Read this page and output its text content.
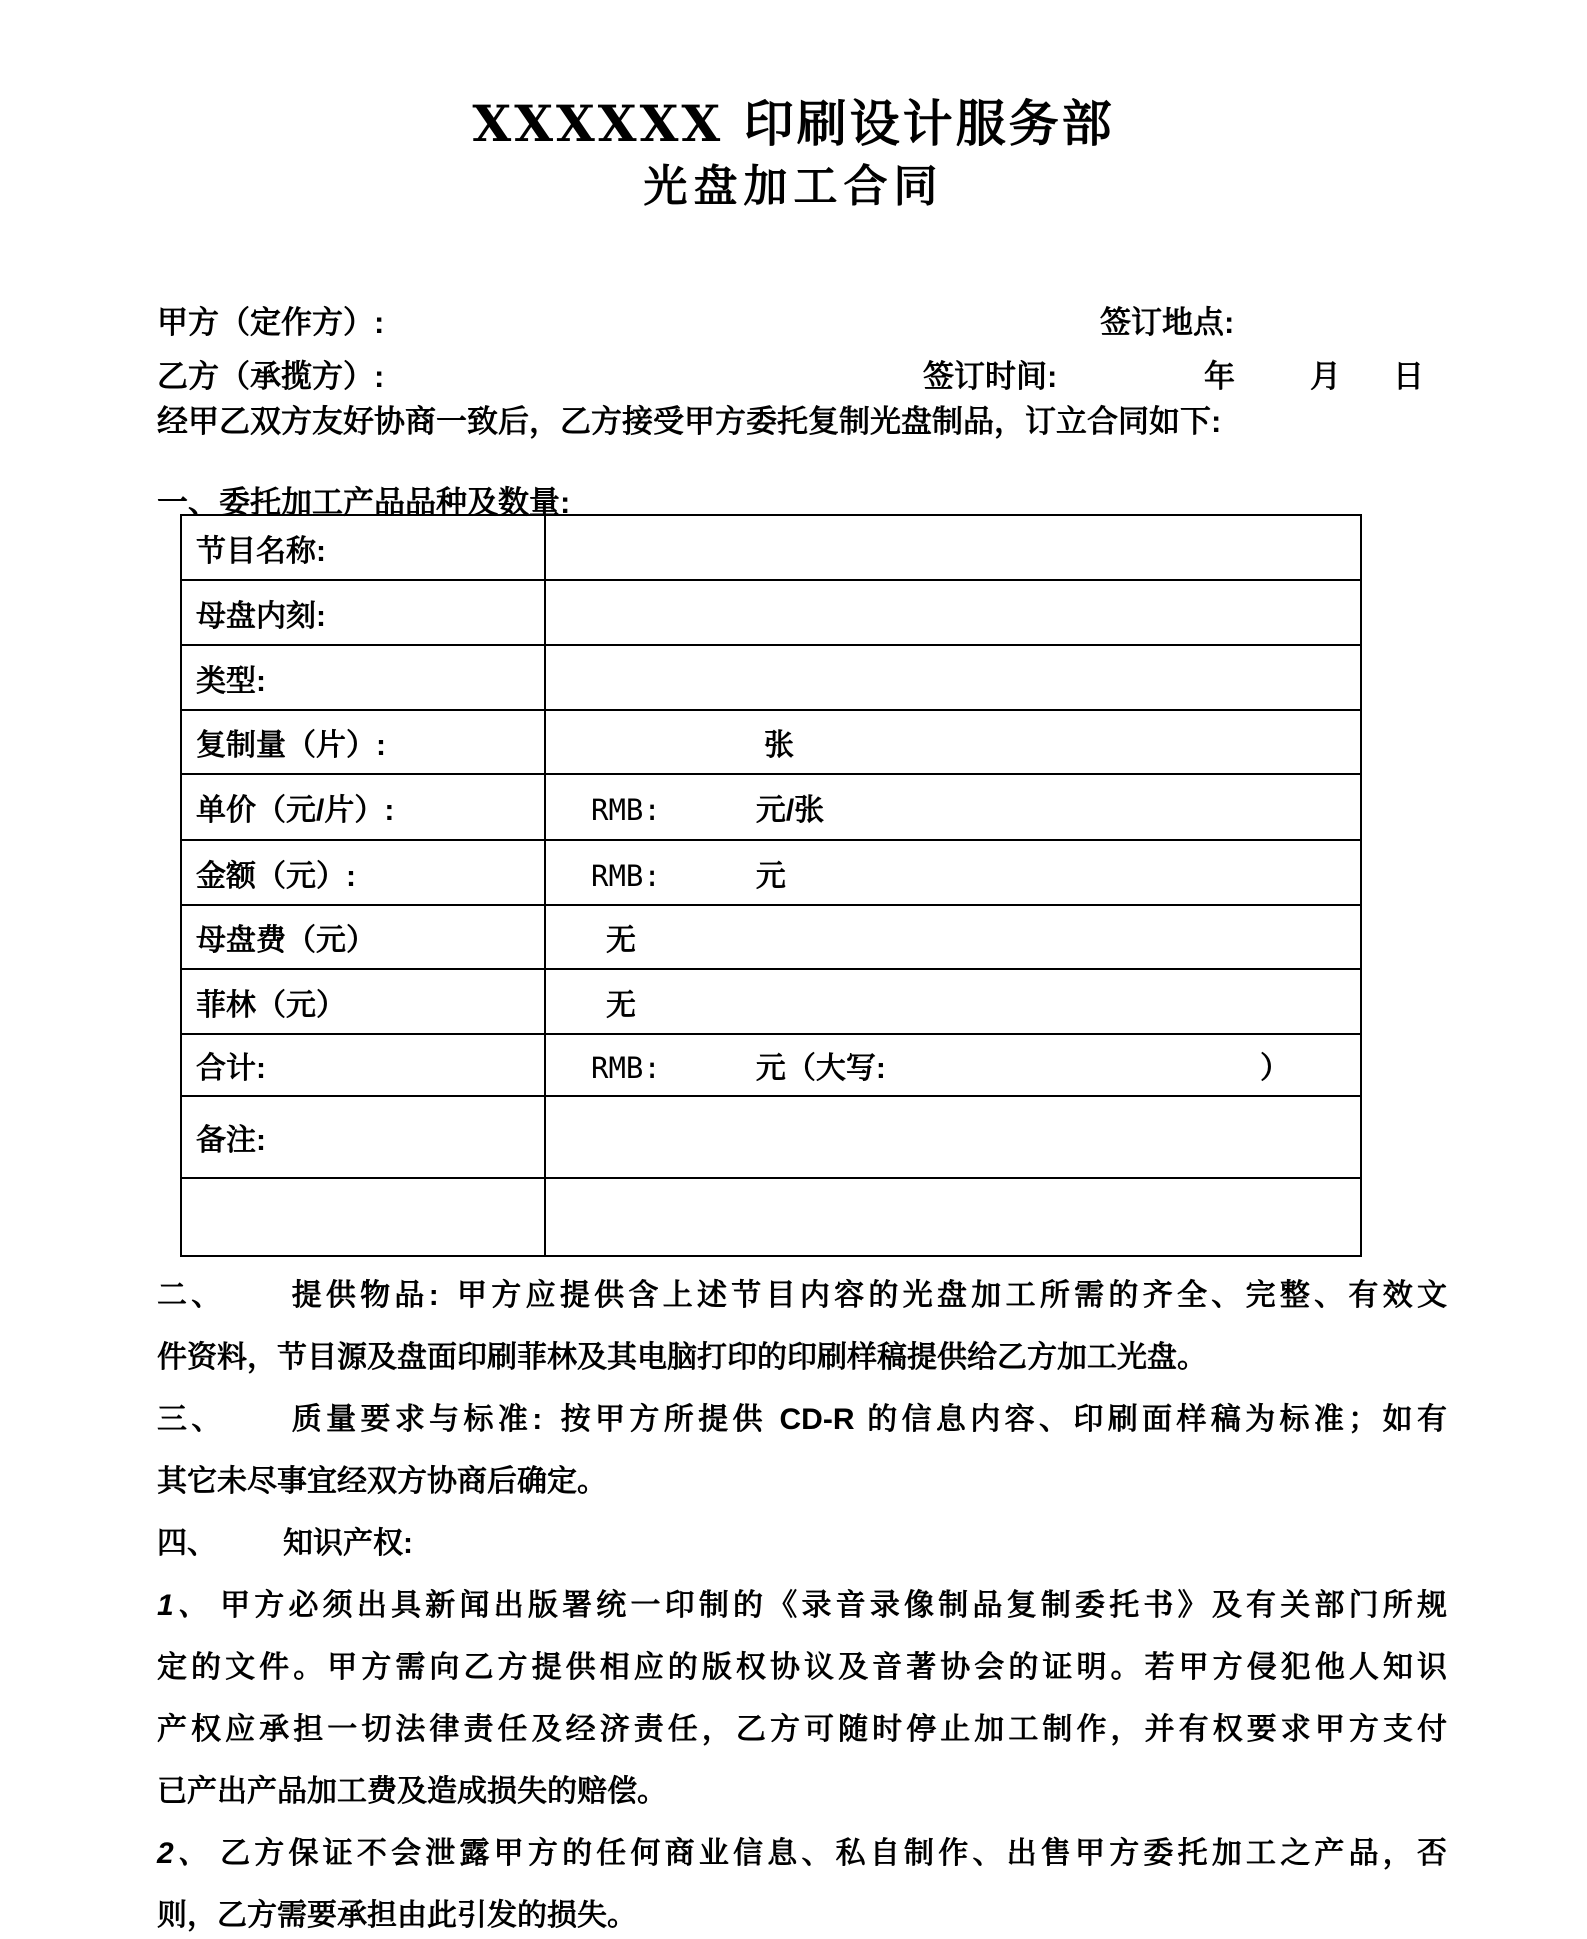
XXXXXX 印刷设计服务部
光盘加工合同
甲方（定作方）:	签订地点:
乙方（承揽方）:	签订时间:	年 月 日
经甲乙双方友好协商一致后，乙方接受甲方委托复制光盘制品，订立合同如下:
一、委托加工产品品种及数量:
节目名称:	

母盘内刻:	

类型:	

复制量（片）:	张

单价（元/片）:	RMB: 元/张

金额（元）:	RMB: 元

母盘费（元）	无

菲林（元）	无

合计:	RMB: 元（大写: ）

备注:	

二、 提供物品: 甲方应提供含上述节目内容的光盘加工所需的齐全、完整、有效文
件资料，节目源及盘面印刷菲林及其电脑打印的印刷样稿提供给乙方加工光盘。
三、 质量要求与标准: 按甲方所提供 CD-R 的信息内容、印刷面样稿为标准；如有
其它未尽事宜经双方协商后确定。
四、 知识产权:
1、 甲方必须出具新闻出版署统一印制的《录音录像制品复制委托书》及有关部门所规
定的文件。甲方需向乙方提供相应的版权协议及音著协会的证明。若甲方侵犯他人知识
产权应承担一切法律责任及经济责任，乙方可随时停止加工制作，并有权要求甲方支付
已产出产品加工费及造成损失的赔偿。
2、 乙方保证不会泄露甲方的任何商业信息、私自制作、出售甲方委托加工之产品，否
则，乙方需要承担由此引发的损失。
